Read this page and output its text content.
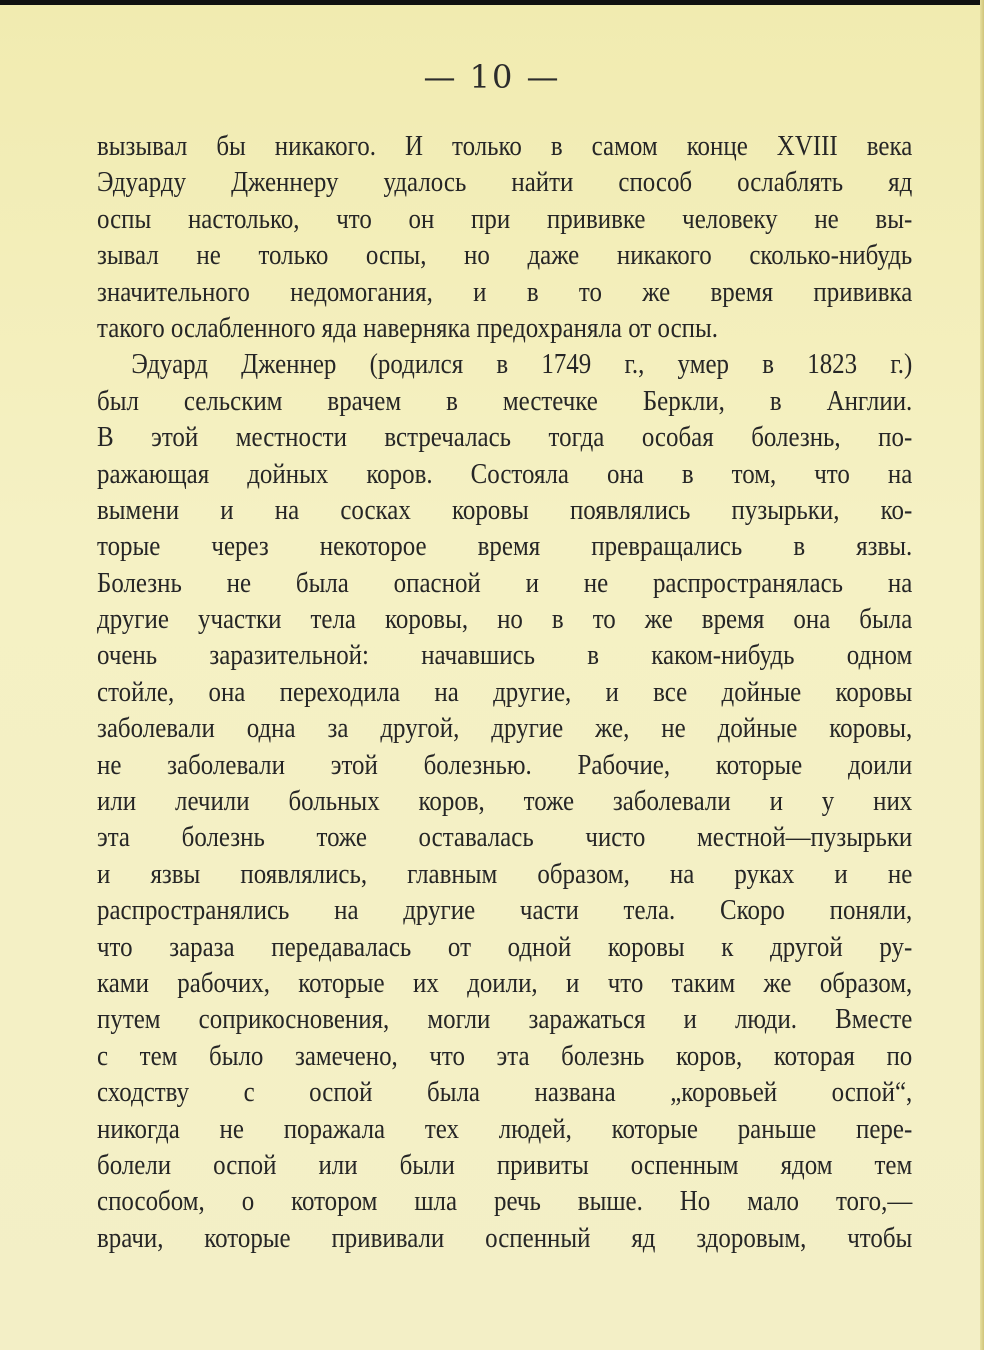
— 10 —
вызывал бы никакого. И только в самом конце XVIII века
Эдуарду Дженнеру удалось найти способ ослаблять яд
оспы настолько, что он при прививке человеку не вы-
зывал не только оспы, но даже никакого сколько-нибудь
значительного недомогания, и в то же время прививка
такого ослабленного яда наверняка предохраняла от оспы.
Эдуард Дженнер (родился в 1749 г., умер в 1823 г.)
был сельским врачем в местечке Беркли, в Англии.
В этой местности встречалась тогда особая болезнь, по-
ражающая дойных коров. Состояла она в том, что на
вымени и на сосках коровы появлялись пузырьки, ко-
торые через некоторое время превращались в язвы.
Болезнь не была опасной и не распространялась на
другие участки тела коровы, но в то же время она была
очень заразительной: начавшись в каком-нибудь одном
стойле, она переходила на другие, и все дойные коровы
заболевали одна за другой, другие же, не дойные коровы,
не заболевали этой болезнью. Рабочие, которые доили
или лечили больных коров, тоже заболевали и у них
эта болезнь тоже оставалась чисто местной—пузырьки
и язвы появлялись, главным образом, на руках и не
распространялись на другие части тела. Скоро поняли,
что зараза передавалась от одной коровы к другой ру-
ками рабочих, которые их доили, и что таким же образом,
путем соприкосновения, могли заражаться и люди. Вместе
с тем было замечено, что эта болезнь коров, которая по
сходству с оспой была названа „коровьей оспой“,
никогда не поражала тех людей, которые раньше пере-
болели оспой или были привиты оспенным ядом тем
способом, о котором шла речь выше. Но мало того,—
врачи, которые прививали оспенный яд здоровым, чтобы
